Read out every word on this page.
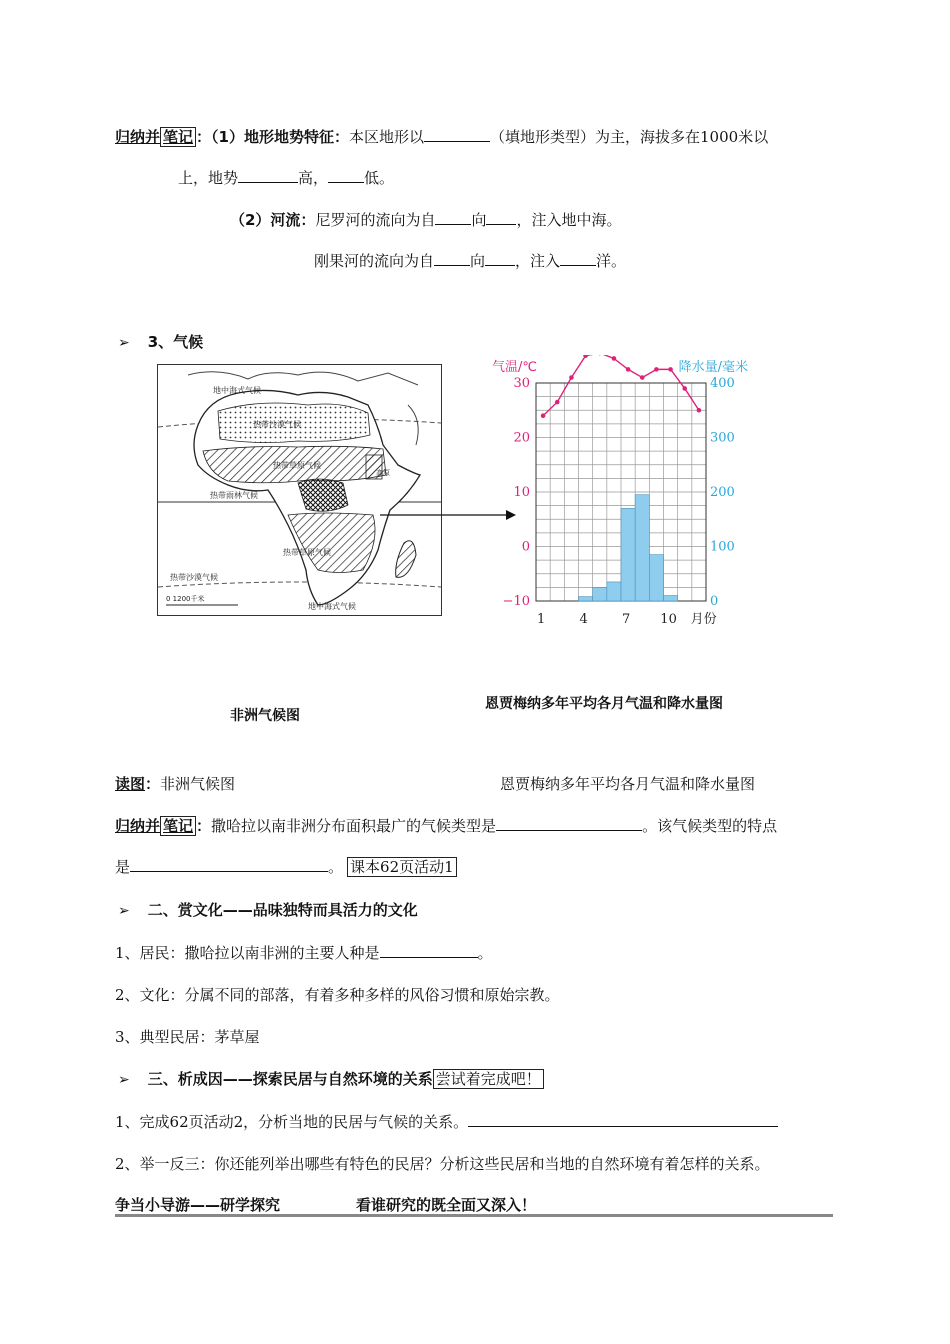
归纳并 笔记 ：（1）地形地势特征：本区地形以	（填地形类型）为主，海拔多在1000米以
上，地势	高， 低。
（2）河流：尼罗河的流向为自 向 ，注入地中海。
刚果河的流向为自 向 ，注入 洋。
➢ 3、气候
地中海式气候
热带沙漠气候
热带草原气候
热带雨林气候
高原
热带草原气候
热带沙漠气候
地中海式气候
0 1200千米
气温/℃	降水量/毫米
30
20
10
0
−10
400
300
200
100
0
1	4	7 10 月份
非洲气候图
恩贾梅纳多年平均各月气温和降水量图
读图：非洲气候图	恩贾梅纳多年平均各月气温和降水量图
归纳并 笔记 ：撒哈拉以南非洲分布面积最广的气候类型是	。该气候类型的特点
是	。 课本62页活动1
➢ 二、赏文化——品味独特而具活力的文化
1、居民：撒哈拉以南非洲的主要人种是	。
2、文化：分属不同的部落，有着多种多样的风俗习惯和原始宗教。
3、典型民居：茅草屋
➢ 三、析成因——探索民居与自然环境的关系 尝试着完成吧！
1、完成62页活动2，分析当地的民居与气候的关系。
2、举一反三：你还能列举出哪些有特色的民居？分析这些民居和当地的自然环境有着怎样的关系。
争当小导游——研学探究	看谁研究的既全面又深入！
